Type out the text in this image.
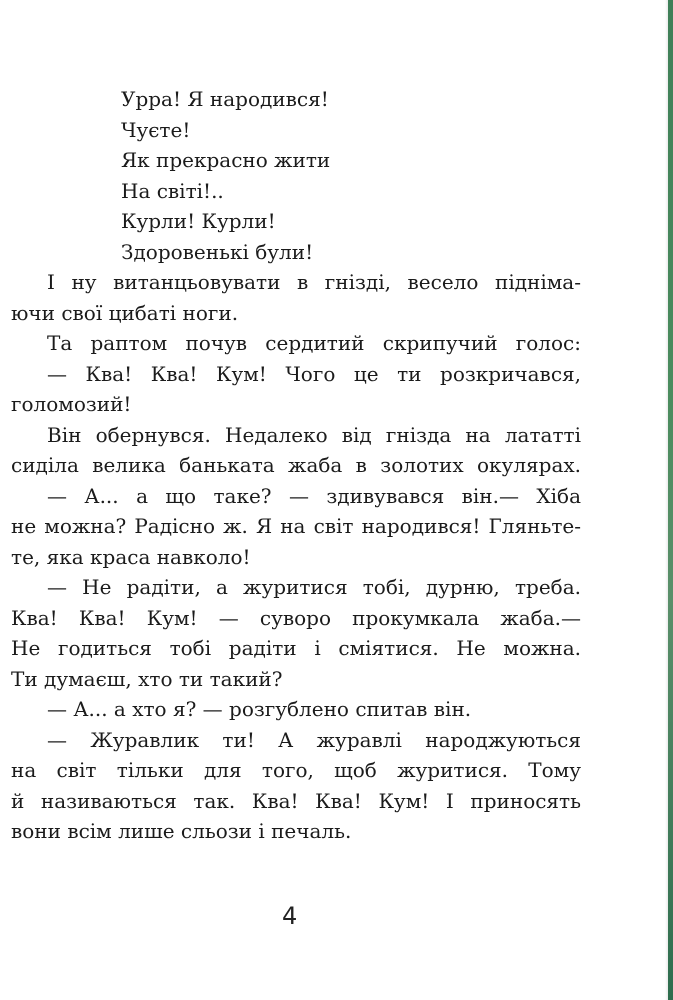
Урра! Я народився!
Чуєте!
Як прекрасно жити
На світі!..
Курли! Курли!
Здоровенькі були!
І ну витанцьовувати в гнізді, весело підніма-
ючи свої цибаті ноги.
Та раптом почув сердитий скрипучий голос:
— Ква! Ква! Кум! Чого це ти розкричався,
голомозий!
Він обернувся. Недалеко від гнізда на лататті
сиділа велика баньката жаба в золотих окулярах.
— А... а що таке? — здивувався він.— Хіба
не можна? Радісно ж. Я на світ народився! Гляньте-
те, яка краса навколо!
— Не радіти, а журитися тобі, дурню, треба.
Ква! Ква! Кум! — суворо прокумкала жаба.—
Не годиться тобі радіти і сміятися. Не можна.
Ти думаєш, хто ти такий?
— А... а хто я? — розгублено спитав він.
— Журавлик ти! А журавлі народжуються
на світ тільки для того, щоб журитися. Тому
й називаються так. Ква! Ква! Кум! І приносять
вони всім лише сльози і печаль.
4
